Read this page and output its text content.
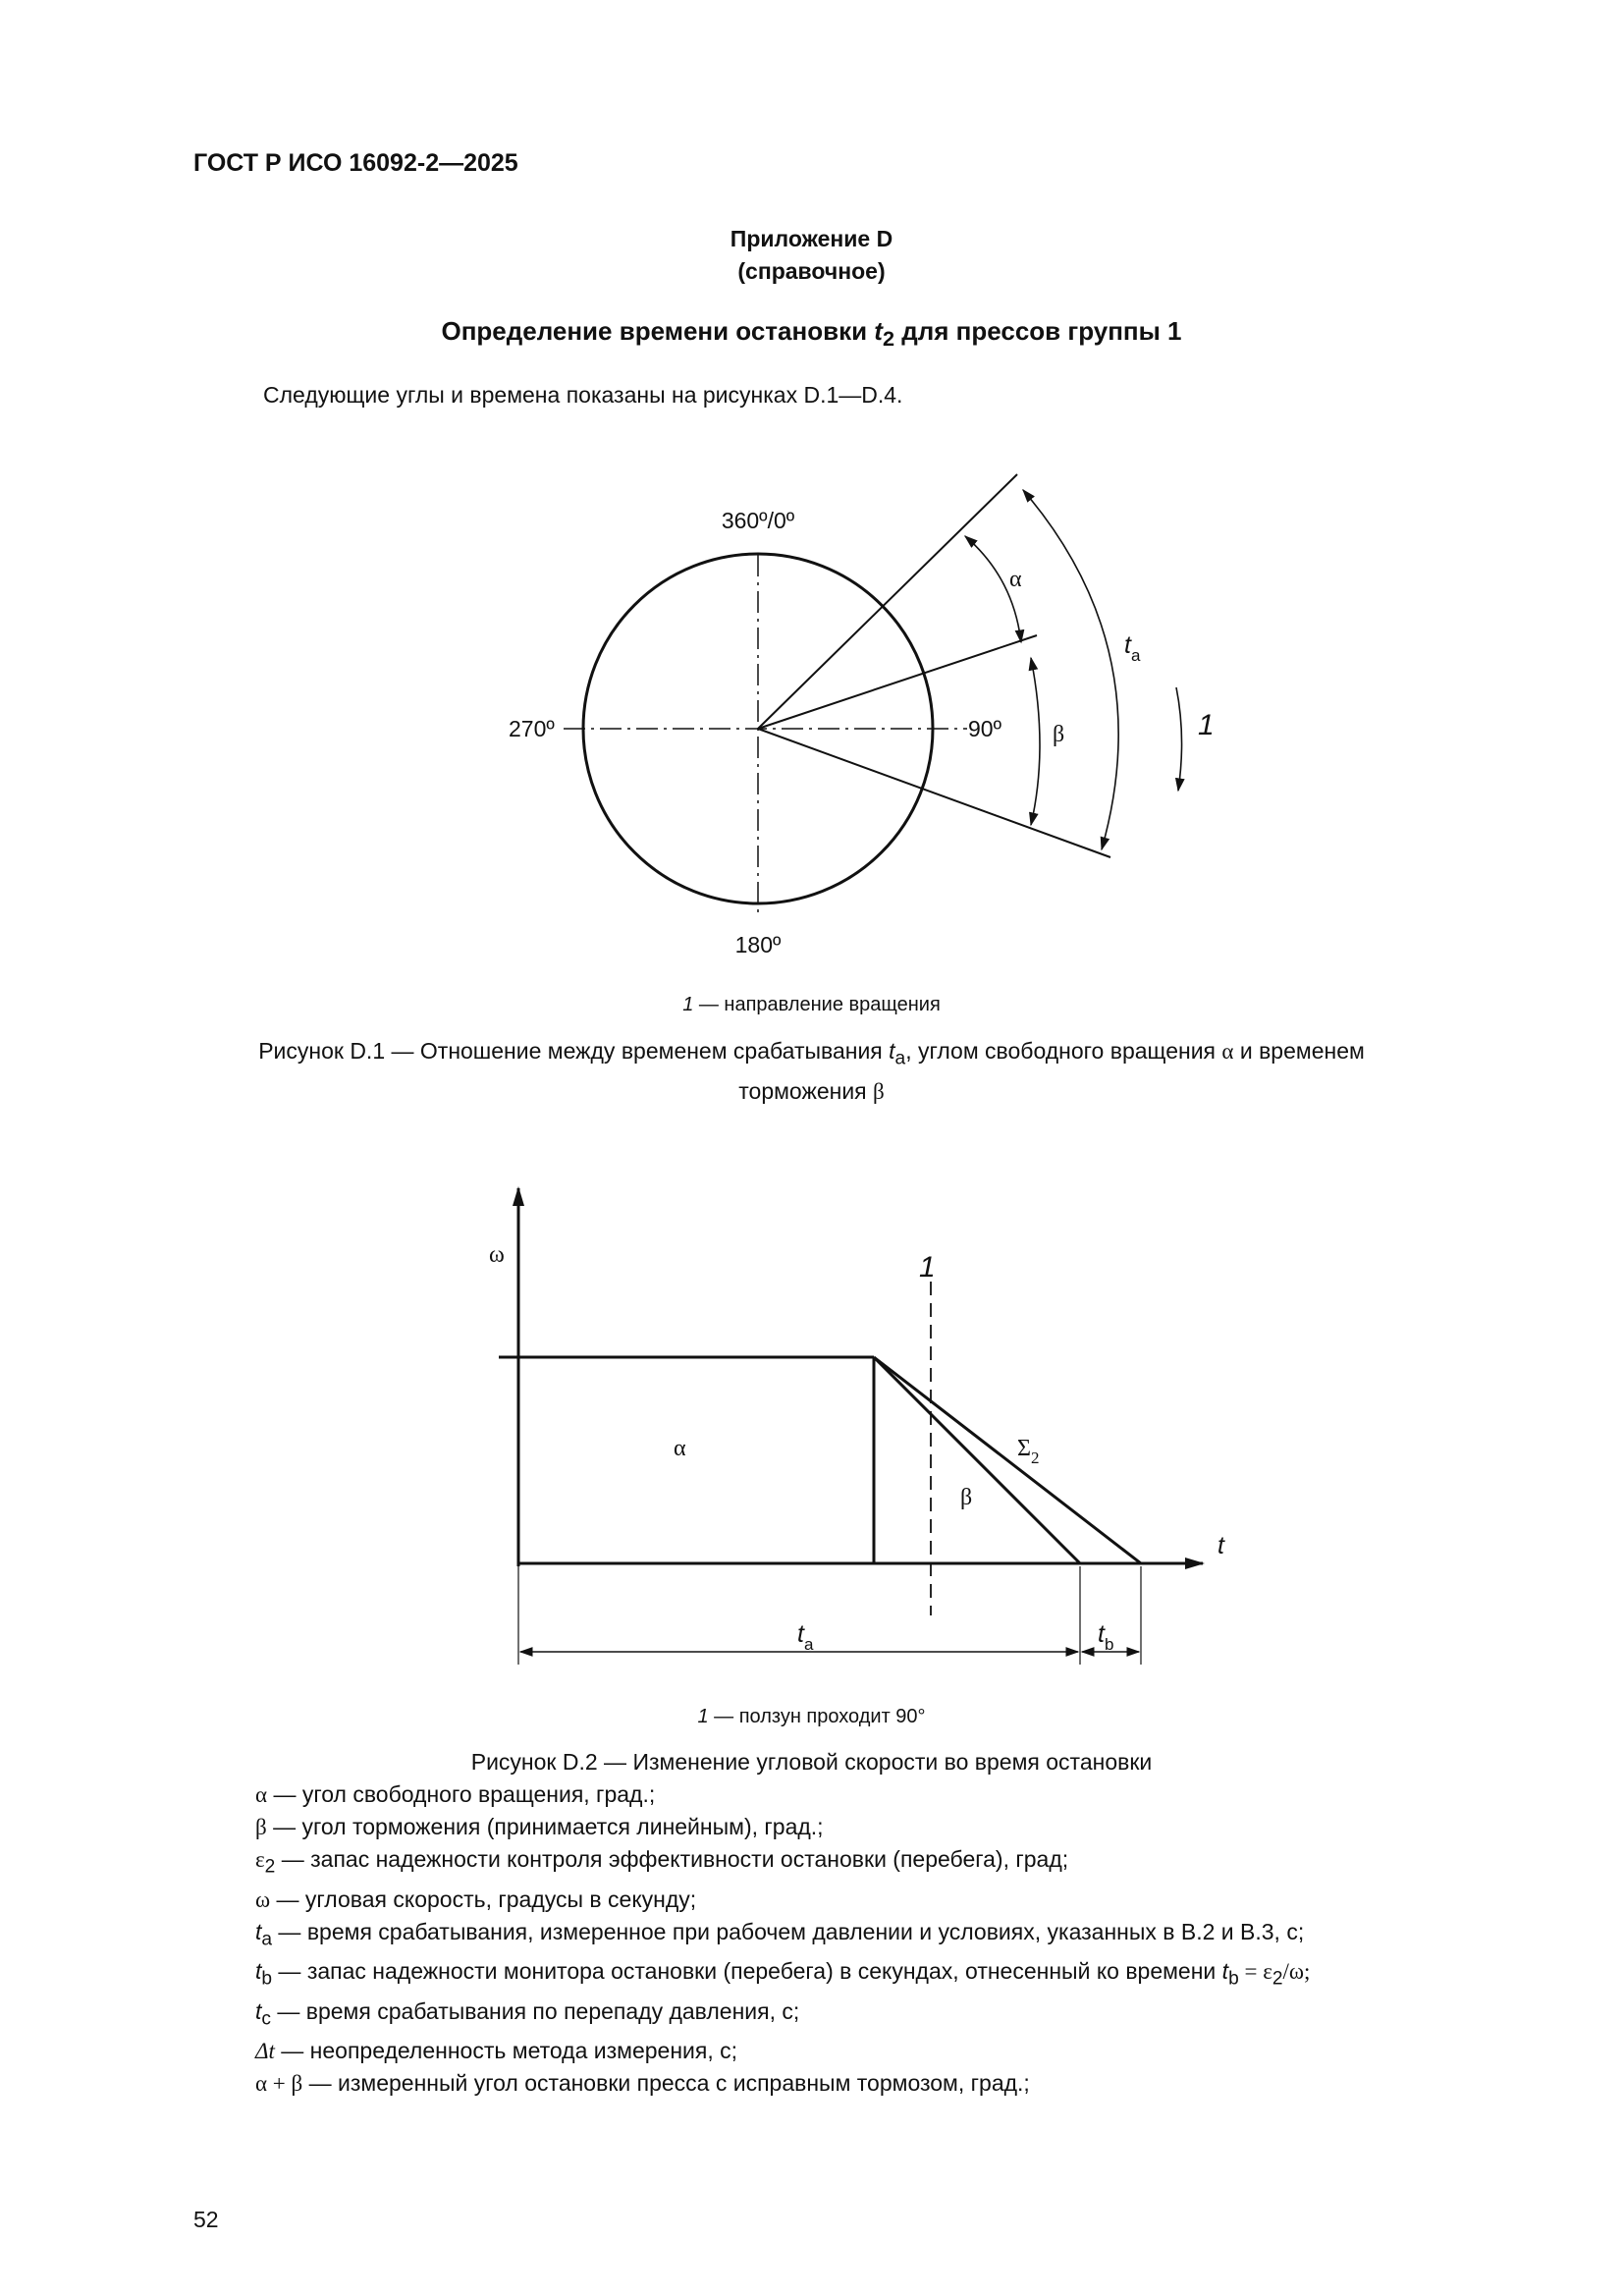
ГОСТ Р ИСО 16092-2—2025
Приложение D
(справочное)
Определение времени остановки $t_2$ для прессов группы 1
Следующие углы и времена показаны на рисунках D.1—D.4.
360º/0º
270º	90º
180º
α
β
$t_a$
1
1 — направление вращения
Рисунок D.1 — Отношение между временем срабатывания $t_a$, углом свободного вращения α и временем
торможения β
ω
t
1
α
β
$\Sigma_2$
$t_a$	$t_b$
1 — ползун проходит 90°
Рисунок D.2 — Изменение угловой скорости во время остановки
α — угол свободного вращения, град.;
β — угол торможения (принимается линейным), град.;
$\varepsilon_2$ — запас надежности контроля эффективности остановки (перебега), град;
ω — угловая скорость, градусы в секунду;
$t_a$ — время срабатывания, измеренное при рабочем давлении и условиях, указанных в В.2 и В.3, с;
$t_b$ — запас надежности монитора остановки (перебега) в секундах, отнесенный ко времени $t_b = \varepsilon_2/\omega$;
$t_c$ — время срабатывания по перепаду давления, с;
Δt — неопределенность метода измерения, с;
α + β — измеренный угол остановки пресса с исправным тормозом, град.;
52
